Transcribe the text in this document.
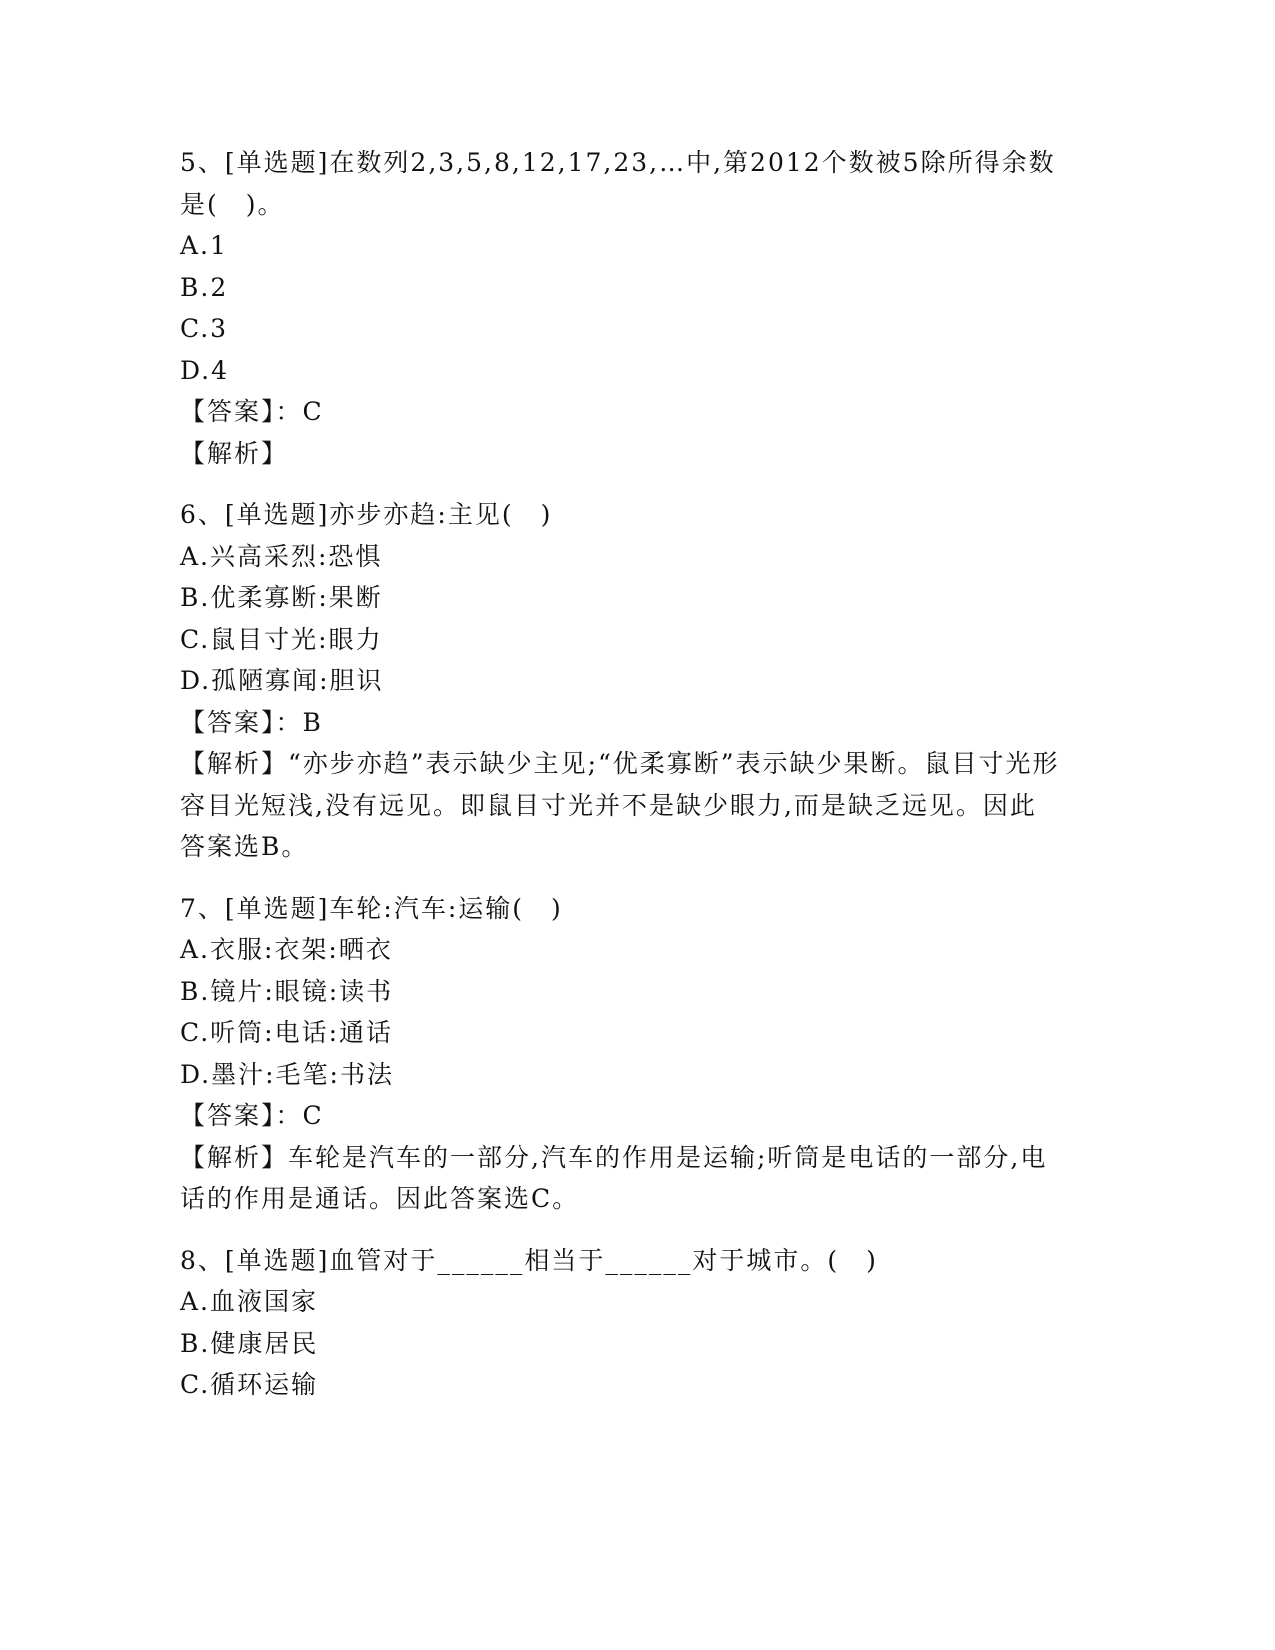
5、[单选题]在数列2,3,5,8,12,17,23,…中,第2012个数被5除所得余数是(　)。

A.1

B.2

C.3

D.4

【答案】：C

【解析】

6、[单选题]亦步亦趋:主见(　)

A.兴高采烈:恐惧

B.优柔寡断:果断

C.鼠目寸光:眼力

D.孤陋寡闻:胆识

【答案】：B

【解析】“亦步亦趋”表示缺少主见;“优柔寡断”表示缺少果断。鼠目寸光形容目光短浅,没有远见。即鼠目寸光并不是缺少眼力,而是缺乏远见。因此答案选B。

7、[单选题]车轮:汽车:运输(　)

A.衣服:衣架:晒衣

B.镜片:眼镜:读书

C.听筒:电话:通话

D.墨汁:毛笔:书法

【答案】：C

【解析】车轮是汽车的一部分,汽车的作用是运输;听筒是电话的一部分,电话的作用是通话。因此答案选C。

8、[单选题]血管对于______相当于______对于城市。(　)

A.血液国家

B.健康居民

C.循环运输
